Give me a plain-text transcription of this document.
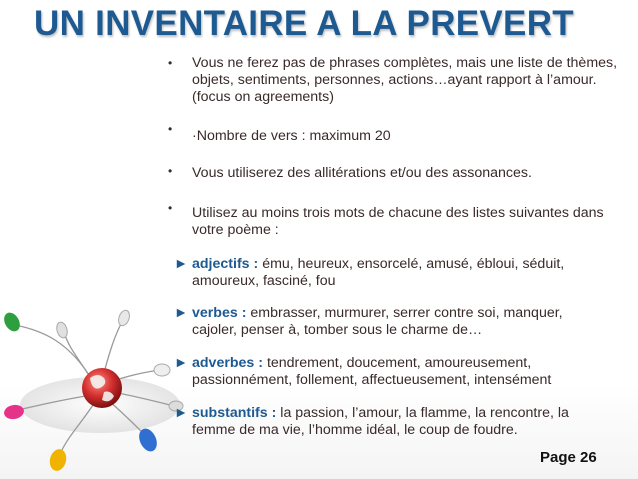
UN INVENTAIRE A LA PREVERT
• Vous ne ferez pas de phrases complètes, mais une liste de thèmes, objets, sentiments, personnes, actions…ayant rapport à l’amour. (focus on agreements)
• ·Nombre de vers : maximum 20
• Vous utiliserez des allitérations et/ou des assonances.
• Utilisez au moins trois mots de chacune des listes suivantes dans votre poème :
► adjectifs : ému, heureux, ensorcelé, amusé, ébloui, séduit,
amoureux, fasciné, fou
► verbes : embrasser, murmurer, serrer contre soi, manquer,
cajoler, penser à, tomber sous le charme de…
► adverbes : tendrement, doucement, amoureusement,
passionnément, follement, affectueusement, intensément
► substantifs : la passion, l’amour, la flamme, la rencontre, la
femme de ma vie, l’homme idéal, le coup de foudre.
Page 26
